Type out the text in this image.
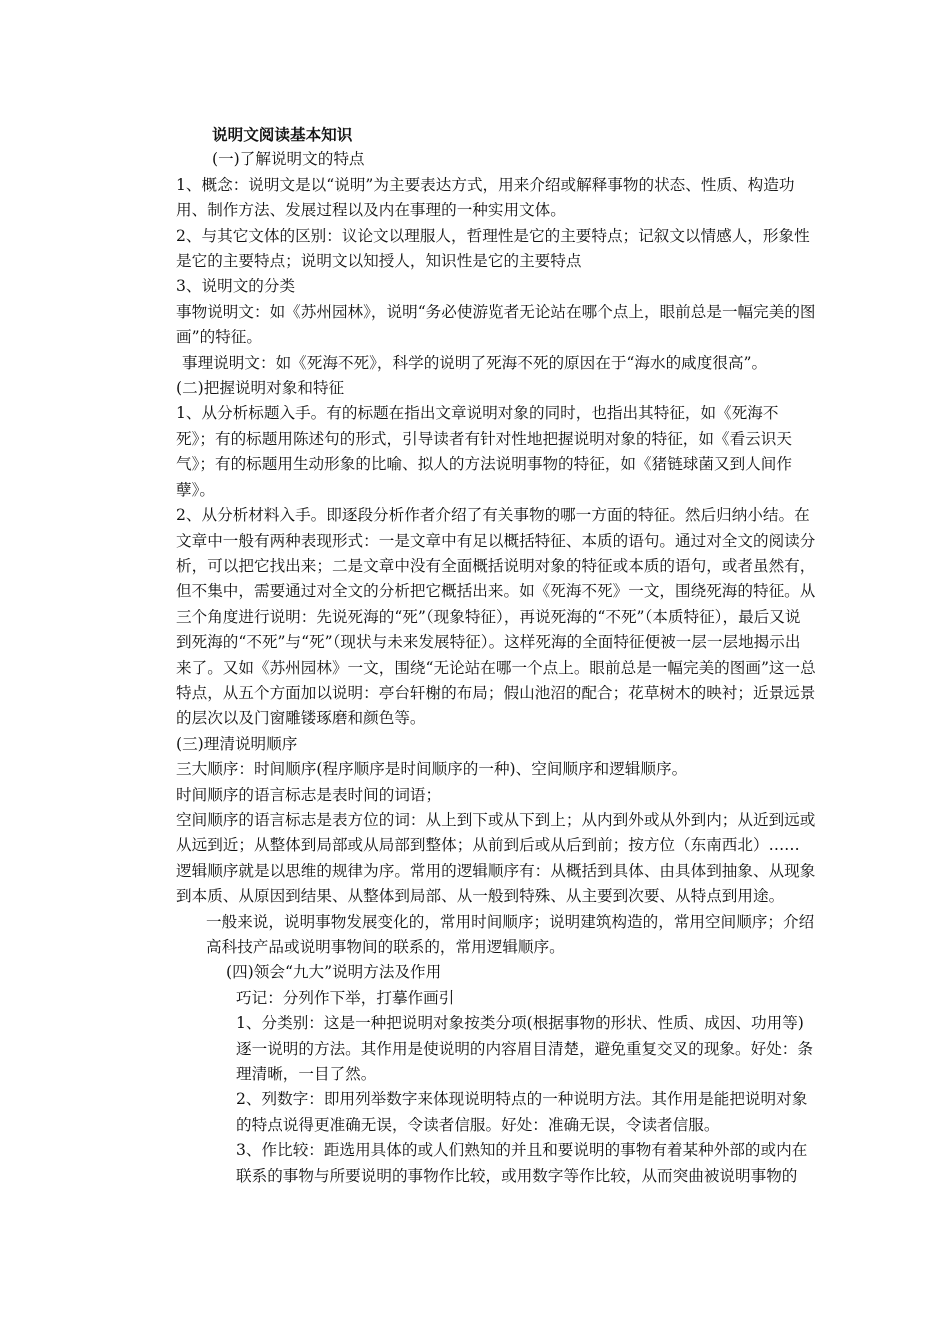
说明文阅读基本知识

(一)了解说明文的特点

1、概念：说明文是以“说明”为主要表达方式，用来介绍或解释事物的状态、性质、构造功用、制作方法、发展过程以及内在事理的一种实用文体。

2、与其它文体的区别：议论文以理服人，哲理性是它的主要特点；记叙文以情感人，形象性是它的主要特点；说明文以知授人，知识性是它的主要特点

3、说明文的分类

事物说明文：如《苏州园林》，说明“务必使游览者无论站在哪个点上，眼前总是一幅完美的图画”的特征。

事理说明文：如《死海不死》，科学的说明了死海不死的原因在于“海水的咸度很高”。

(二)把握说明对象和特征

1、从分析标题入手。有的标题在指出文章说明对象的同时，也指出其特征，如《死海不死》；有的标题用陈述句的形式，引导读者有针对性地把握说明对象的特征，如《看云识天气》；有的标题用生动形象的比喻、拟人的方法说明事物的特征，如《猪链球菌又到人间作孽》。

2、从分析材料入手。即逐段分析作者介绍了有关事物的哪一方面的特征。然后归纳小结。在文章中一般有两种表现形式：一是文章中有足以概括特征、本质的语句。通过对全文的阅读分析，可以把它找出来；二是文章中没有全面概括说明对象的特征或本质的语句，或者虽然有，但不集中，需要通过对全文的分析把它概括出来。如《死海不死》一文，围绕死海的特征。从三个角度进行说明：先说死海的“死”（现象特征），再说死海的“不死”（本质特征），最后又说到死海的“不死”与“死”（现状与未来发展特征）。这样死海的全面特征便被一层一层地揭示出来了。又如《苏州园林》一文，围绕“无论站在哪一个点上。眼前总是一幅完美的图画”这一总特点，从五个方面加以说明：亭台轩榭的布局；假山池沼的配合；花草树木的映衬；近景远景的层次以及门窗雕镂琢磨和颜色等。

(三)理清说明顺序

三大顺序：时间顺序(程序顺序是时间顺序的一种)、空间顺序和逻辑顺序。

时间顺序的语言标志是表时间的词语；

空间顺序的语言标志是表方位的词：从上到下或从下到上；从内到外或从外到内；从近到远或从远到近；从整体到局部或从局部到整体；从前到后或从后到前；按方位（东南西北）……

逻辑顺序就是以思维的规律为序。常用的逻辑顺序有：从概括到具体、由具体到抽象、从现象到本质、从原因到结果、从整体到局部、从一般到特殊、从主要到次要、从特点到用途。

一般来说，说明事物发展变化的，常用时间顺序；说明建筑构造的，常用空间顺序；介绍高科技产品或说明事物间的联系的，常用逻辑顺序。

(四)领会“九大”说明方法及作用

巧记：分列作下举，打摹作画引

1、分类别：这是一种把说明对象按类分项(根据事物的形状、性质、成因、功用等)逐一说明的方法。其作用是使说明的内容眉目清楚，避免重复交叉的现象。好处：条理清晰，一目了然。

2、列数字：即用列举数字来体现说明特点的一种说明方法。其作用是能把说明对象的特点说得更准确无误，令读者信服。好处：准确无误，令读者信服。

3、作比较：距选用具体的或人们熟知的并且和要说明的事物有着某种外部的或内在联系的事物与所要说明的事物作比较，或用数字等作比较，从而突曲被说明事物的
